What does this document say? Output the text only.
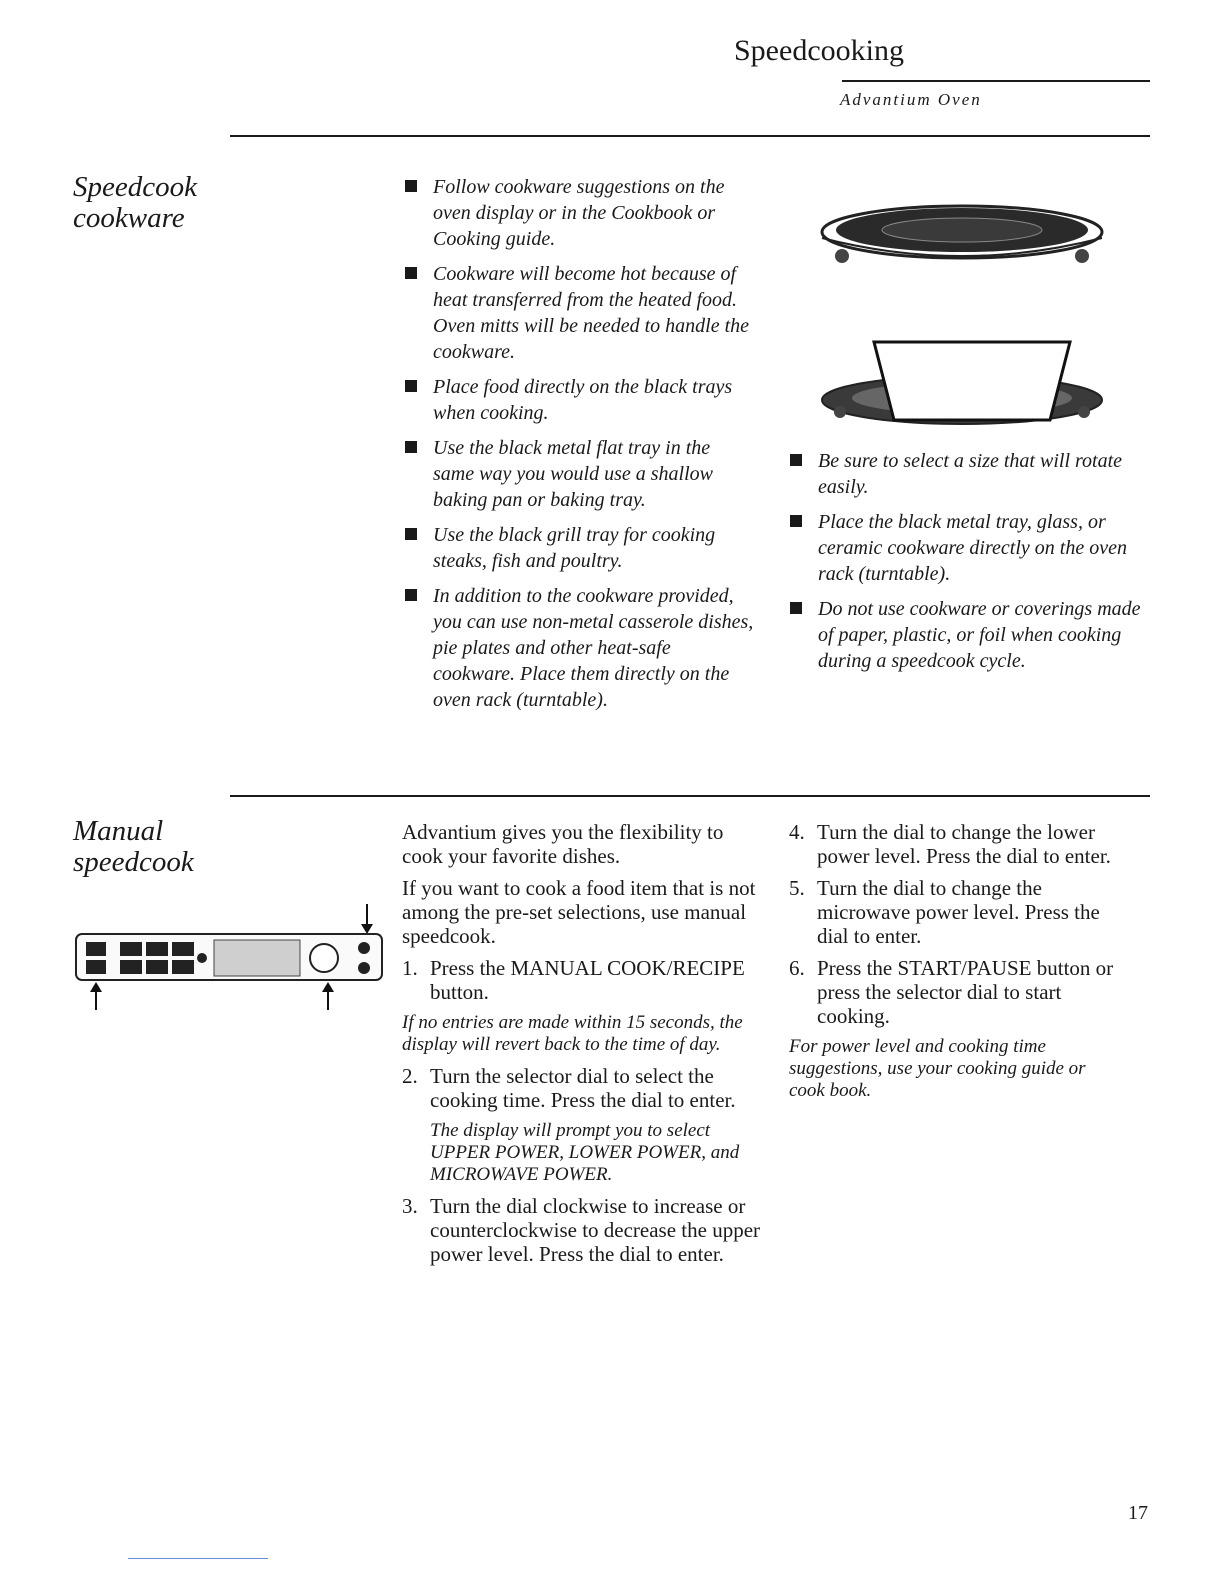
Speedcooking
Advantium Oven
Speedcook
cookware
Follow cookware suggestions on the oven display or in the Cookbook or Cooking guide.
Cookware will become hot because of heat transferred from the heated food. Oven mitts will be needed to handle the cookware.
Place food directly on the black trays when cooking.
Use the black metal flat tray in the same way you would use a shallow baking pan or baking tray.
Use the black grill tray for cooking steaks, fish and poultry.
In addition to the cookware provided, you can use non-metal casserole dishes, pie plates and other heat-safe cookware. Place them directly on the oven rack (turntable).
Be sure to select a size that will rotate easily.
Place the black metal tray, glass, or ceramic cookware directly on the oven rack (turntable).
Do not use cookware or coverings made of paper, plastic, or foil when cooking during a speedcook cycle.
Manual
speedcook

Advantium gives you the flexibility to cook your favorite dishes.

If you want to cook a food item that is not among the pre-set selections, use manual speedcook.

1. Press the MANUAL COOK/RECIPE button.

If no entries are made within 15 seconds, the display will revert back to the time of day.

2. Turn the selector dial to select the cooking time. Press the dial to enter.

The display will prompt you to select UPPER POWER, LOWER POWER, and MICROWAVE POWER.

3. Turn the dial clockwise to increase or counterclockwise to decrease the upper power level. Press the dial to enter.
4. Turn the dial to change the lower power level. Press the dial to enter.
5. Turn the dial to change the microwave power level. Press the dial to enter.
6. Press the START/PAUSE button or press the selector dial to start cooking.

For power level and cooking time suggestions, use your cooking guide or cook book.

17
